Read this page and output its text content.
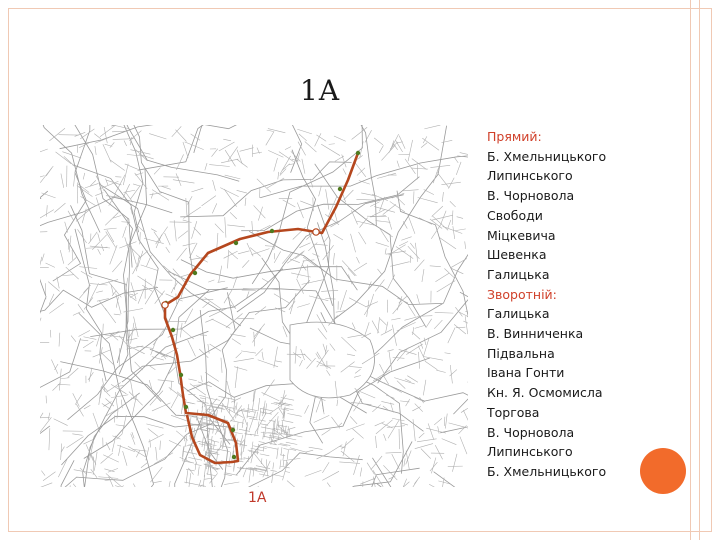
1A
1A
Прямий:
Б. Хмельницького
Липинського
В. Чорновола
Свободи
Міцкевича
Шевенка
Галицька
Зворотній:
Галицька
В. Винниченка
Підвальна
Івана Гонти
Кн. Я. Осмомисла
Торгова
В. Чорновола
Липинського
Б. Хмельницького
